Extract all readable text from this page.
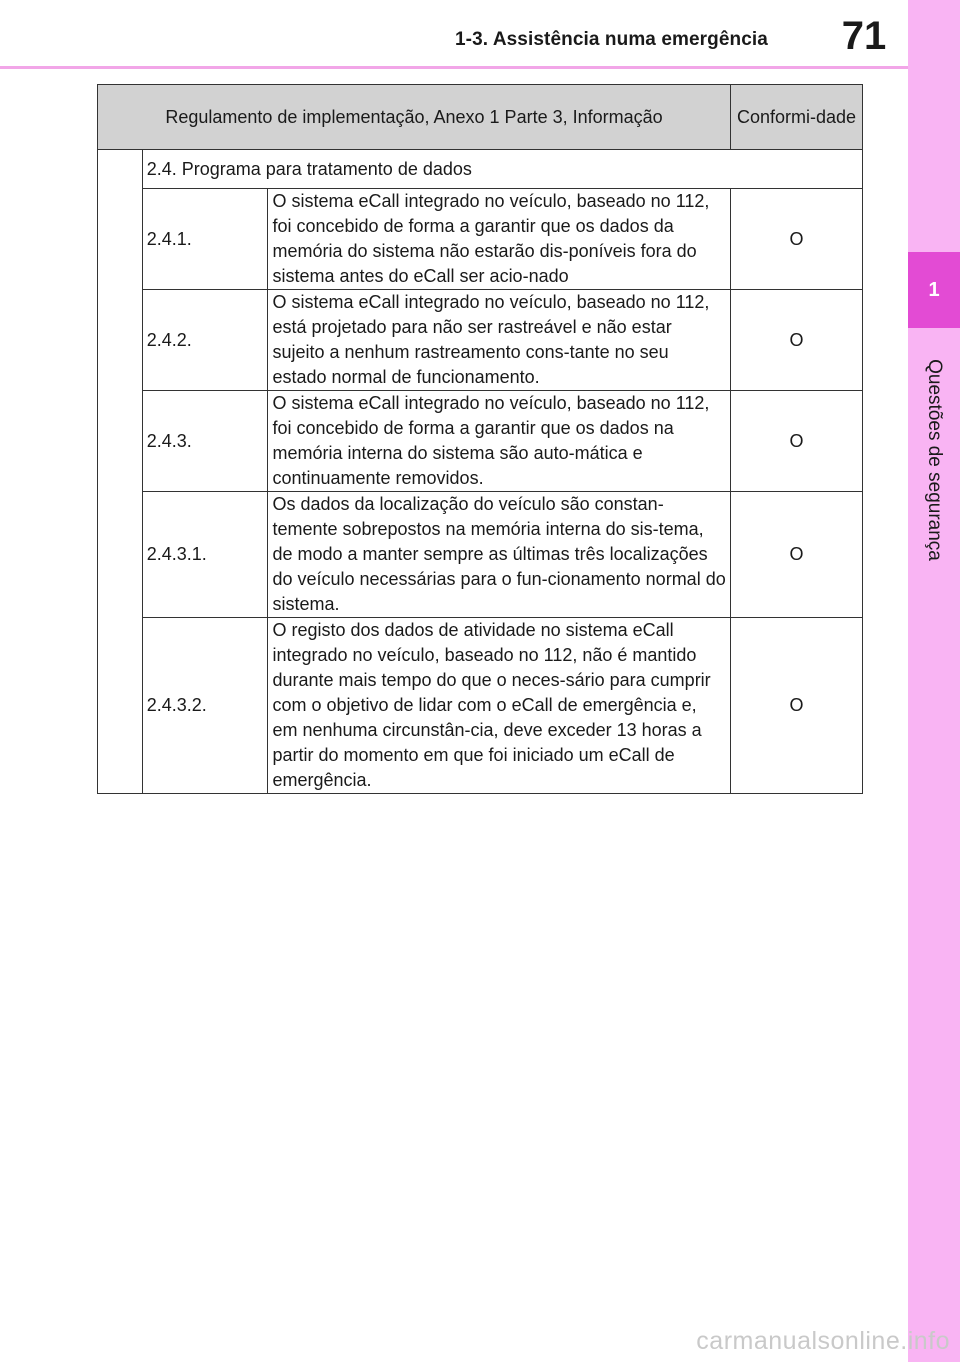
1-3. Assistência numa emergência	71
1
Questões de segurança
Regulamento de implementação, Anexo 1 Parte 3, Informação			Conformi-dade
	2.4. Programa para tratamento de dados		
	2.4.1.	O sistema eCall integrado no veículo, baseado no 112, foi concebido de forma a garantir que os dados da memória do sistema não estarão dis-poníveis fora do sistema antes do eCall ser acio-nado	O
	2.4.2.	O sistema eCall integrado no veículo, baseado no 112, está projetado para não ser rastreável e não estar sujeito a nenhum rastreamento cons-tante no seu estado normal de funcionamento.	O
	2.4.3.	O sistema eCall integrado no veículo, baseado no 112, foi concebido de forma a garantir que os dados na memória interna do sistema são auto-mática e continuamente removidos.	O
	2.4.3.1.	Os dados da localização do veículo são constan-temente sobrepostos na memória interna do sis-tema, de modo a manter sempre as últimas três localizações do veículo necessárias para o fun-cionamento normal do sistema.	O
	2.4.3.2.	O registo dos dados de atividade no sistema eCall integrado no veículo, baseado no 112, não é mantido durante mais tempo do que o neces-sário para cumprir com o objetivo de lidar com o eCall de emergência e, em nenhuma circunstân-cia, deve exceder 13 horas a partir do momento em que foi iniciado um eCall de emergência.	O
carmanualsonline.info
